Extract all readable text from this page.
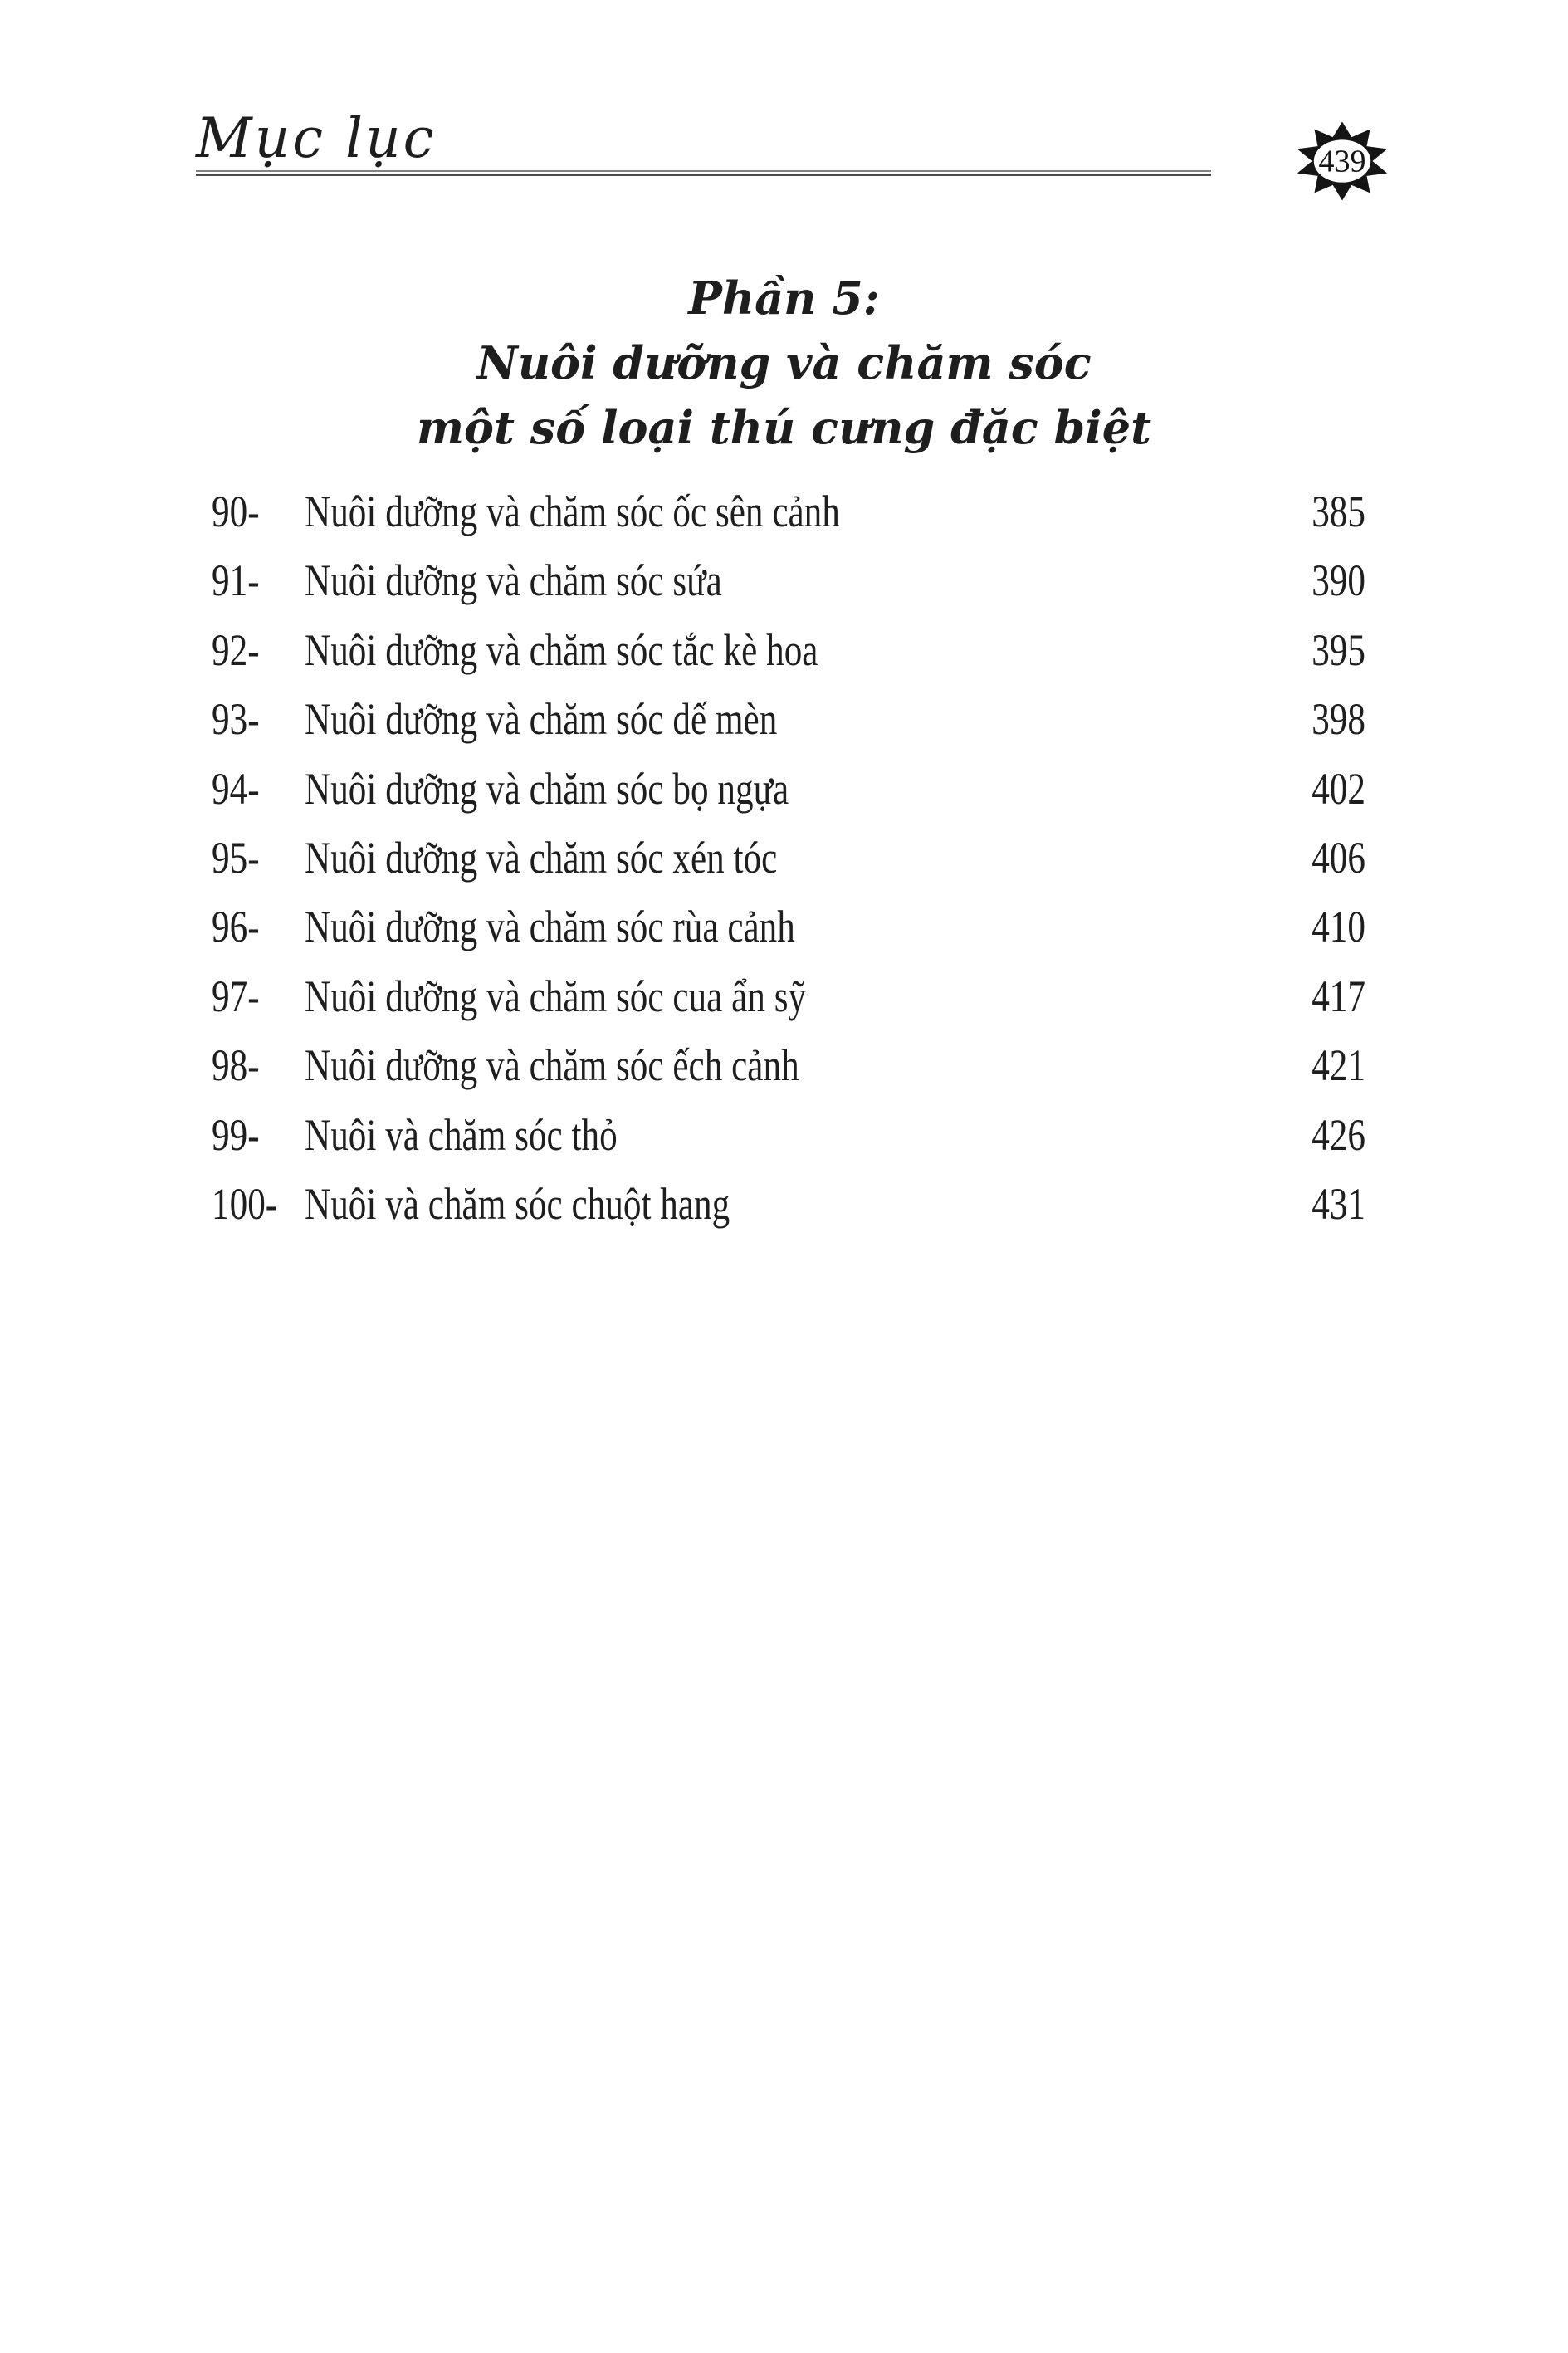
Mục lục	439
Phần 5:
Nuôi dưỡng và chăm sóc
một số loại thú cưng đặc biệt
90-	Nuôi dưỡng và chăm sóc ốc sên cảnh	385
91-	Nuôi dưỡng và chăm sóc sứa	390
92-	Nuôi dưỡng và chăm sóc tắc kè hoa	395
93-	Nuôi dưỡng và chăm sóc dế mèn	398
94-	Nuôi dưỡng và chăm sóc bọ ngựa	402
95-	Nuôi dưỡng và chăm sóc xén tóc	406
96-	Nuôi dưỡng và chăm sóc rùa cảnh	410
97-	Nuôi dưỡng và chăm sóc cua ẩn sỹ	417
98-	Nuôi dưỡng và chăm sóc ếch cảnh	421
99-	Nuôi và chăm sóc thỏ	426
100- Nuôi và chăm sóc chuột hang	431
